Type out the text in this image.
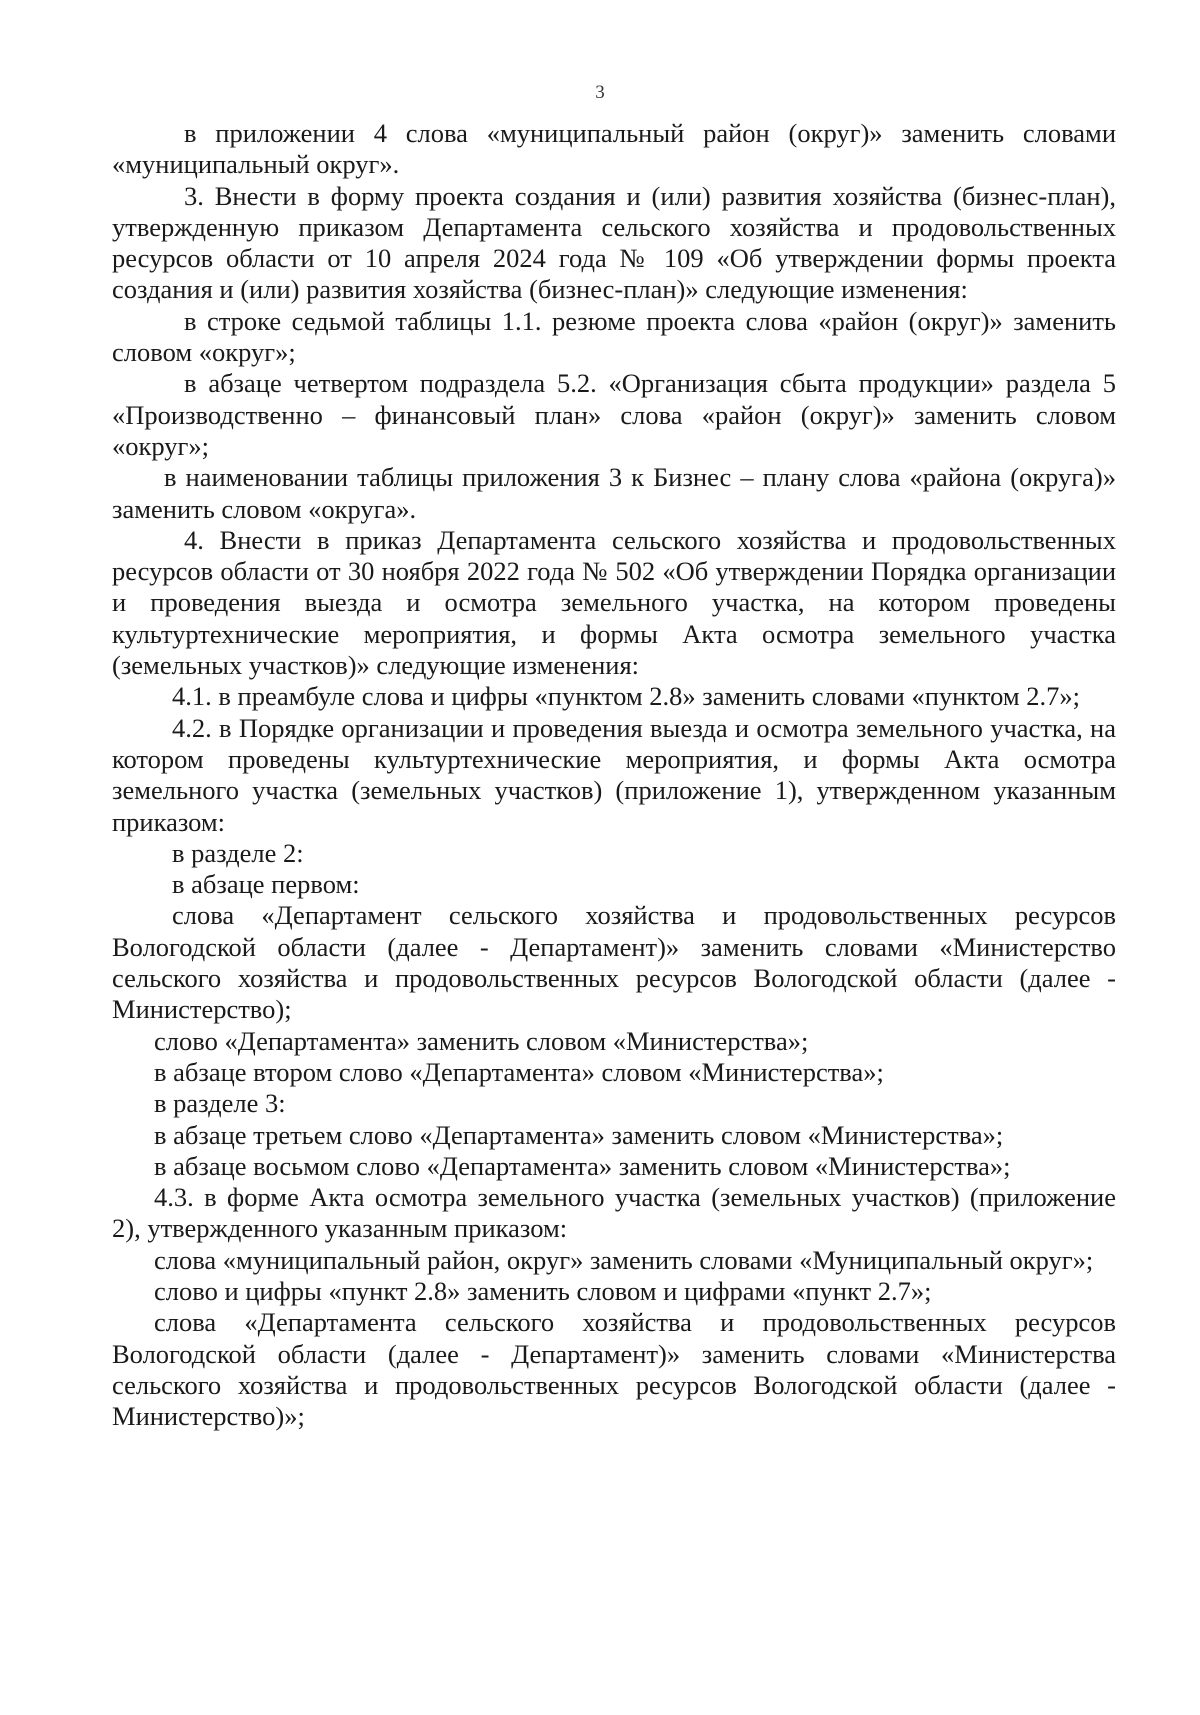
3

в приложении 4 слова «муниципальный район (округ)» заменить словами «муниципальный округ».

3. Внести в форму проекта создания и (или) развития хозяйства (бизнес-план), утвержденную приказом Департамента сельского хозяйства и продовольственных ресурсов области от 10 апреля 2024 года № 109 «Об утверждении формы проекта создания и (или) развития хозяйства (бизнес-план)» следующие изменения:

в строке седьмой таблицы 1.1. резюме проекта слова «район (округ)» заменить словом «округ»;

в абзаце четвертом подраздела 5.2. «Организация сбыта продукции» раздела 5 «Производственно – финансовый план» слова «район (округ)» заменить словом «округ»;

в наименовании таблицы приложения 3 к Бизнес – плану слова «района (округа)» заменить словом «округа».

4. Внести в приказ Департамента сельского хозяйства и продовольственных ресурсов области от 30 ноября 2022 года № 502 «Об утверждении Порядка организации и проведения выезда и осмотра земельного участка, на котором проведены культуртехнические мероприятия, и формы Акта осмотра земельного участка (земельных участков)» следующие изменения:

4.1. в преамбуле слова и цифры «пунктом 2.8» заменить словами «пунктом 2.7»;

4.2. в Порядке организации и проведения выезда и осмотра земельного участка, на котором проведены культуртехнические мероприятия, и формы Акта осмотра земельного участка (земельных участков) (приложение 1), утвержденном указанным приказом:

в разделе 2:

в абзаце первом:

слова «Департамент сельского хозяйства и продовольственных ресурсов Вологодской области (далее - Департамент)» заменить словами «Министерство сельского хозяйства и продовольственных ресурсов Вологодской области (далее - Министерство);

слово «Департамента» заменить словом «Министерства»;

в абзаце втором слово «Департамента» словом «Министерства»;

в разделе 3:

в абзаце третьем слово «Департамента» заменить словом «Министерства»;

в абзаце восьмом слово «Департамента» заменить словом «Министерства»;

4.3. в форме Акта осмотра земельного участка (земельных участков) (приложение 2), утвержденного указанным приказом:

слова «муниципальный район, округ» заменить словами «Муниципальный округ»;

слово и цифры «пункт 2.8» заменить словом и цифрами «пункт 2.7»;

слова «Департамента сельского хозяйства и продовольственных ресурсов Вологодской области (далее - Департамент)» заменить словами «Министерства сельского хозяйства и продовольственных ресурсов Вологодской области (далее - Министерство)»;
